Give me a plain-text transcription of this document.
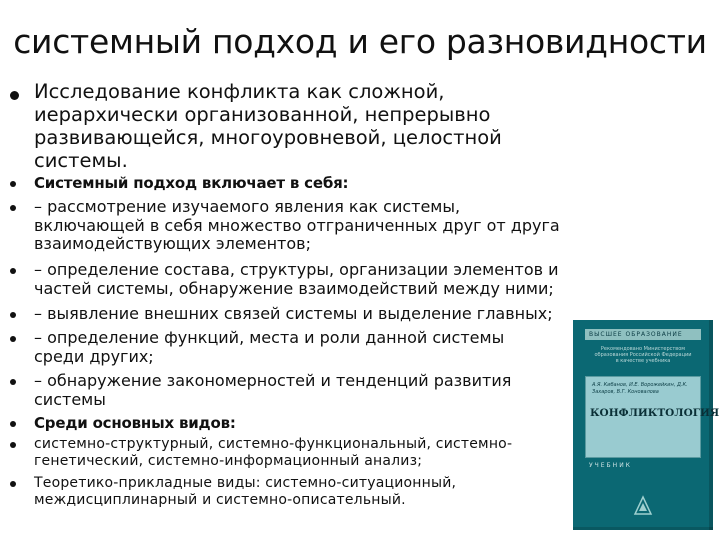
системный подход и его разновидности
Исследование конфликта как сложной,
иерархически организованной, непрерывно
развивающейся, многоуровневой, целостной
системы.
Системный подход включает в себя:
– рассмотрение изучаемого явления как системы,
включающей в себя множество отграниченных друг от друга
взаимодействующих элементов;
– определение состава, структуры, организации элементов и
частей системы, обнаружение взаимодействий между ними;
– выявление внешних связей системы и выделение главных;
– определение функций, места и роли данной системы
среди других;
– обнаружение закономерностей и тенденций развития
системы
Среди основных видов:
системно-структурный, системно-функциональный, системно-
генетический, системно-информационный анализ;
Теоретико-прикладные виды: системно-ситуационный,
междисциплинарный и системно-описательный.
ВЫСШЕЕ ОБРАЗОВАНИЕ
Рекомендовано Министерством образования Российской Федерации в качестве учебника
А.Я. Кибанов, И.Е. Ворожейкин, Д.К. Захаров, В.Г. Коновалова
КОНФЛИКТОЛОГИЯ
УЧЕБНИК
